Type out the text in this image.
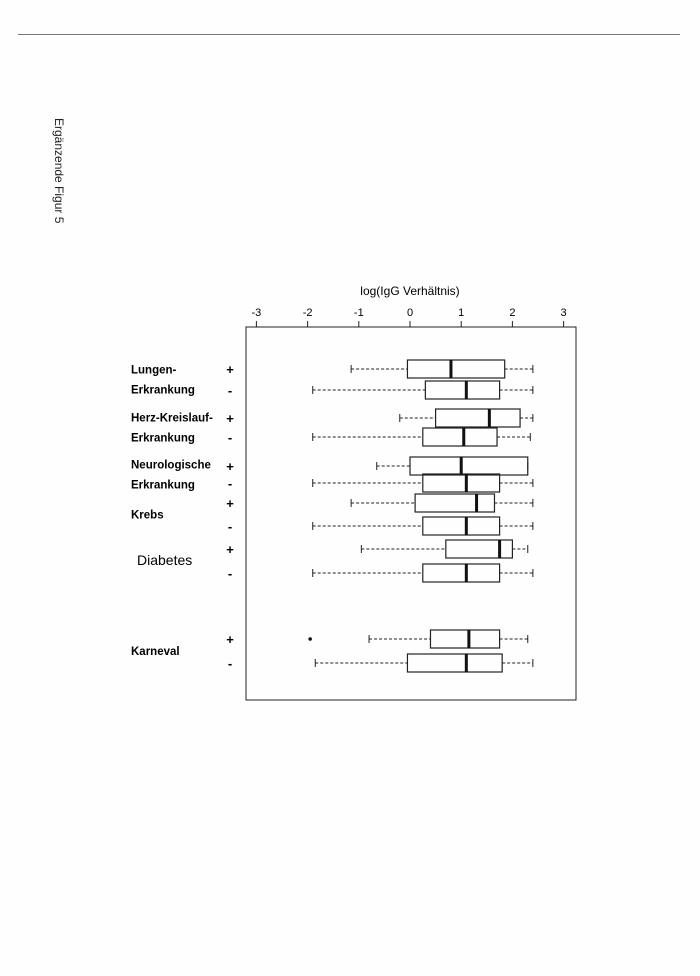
Ergänzende Figur 5
log(IgG Verhältnis)
-3	-2	-1	0	1	2	3
Lungen-
Erkrankung
Herz-Kreislauf-
Erkrankung
Neurologische
Erkrankung
Krebs
Diabetes
Karneval
+
-
+
-
+
-
+
-
+
-
+
-
